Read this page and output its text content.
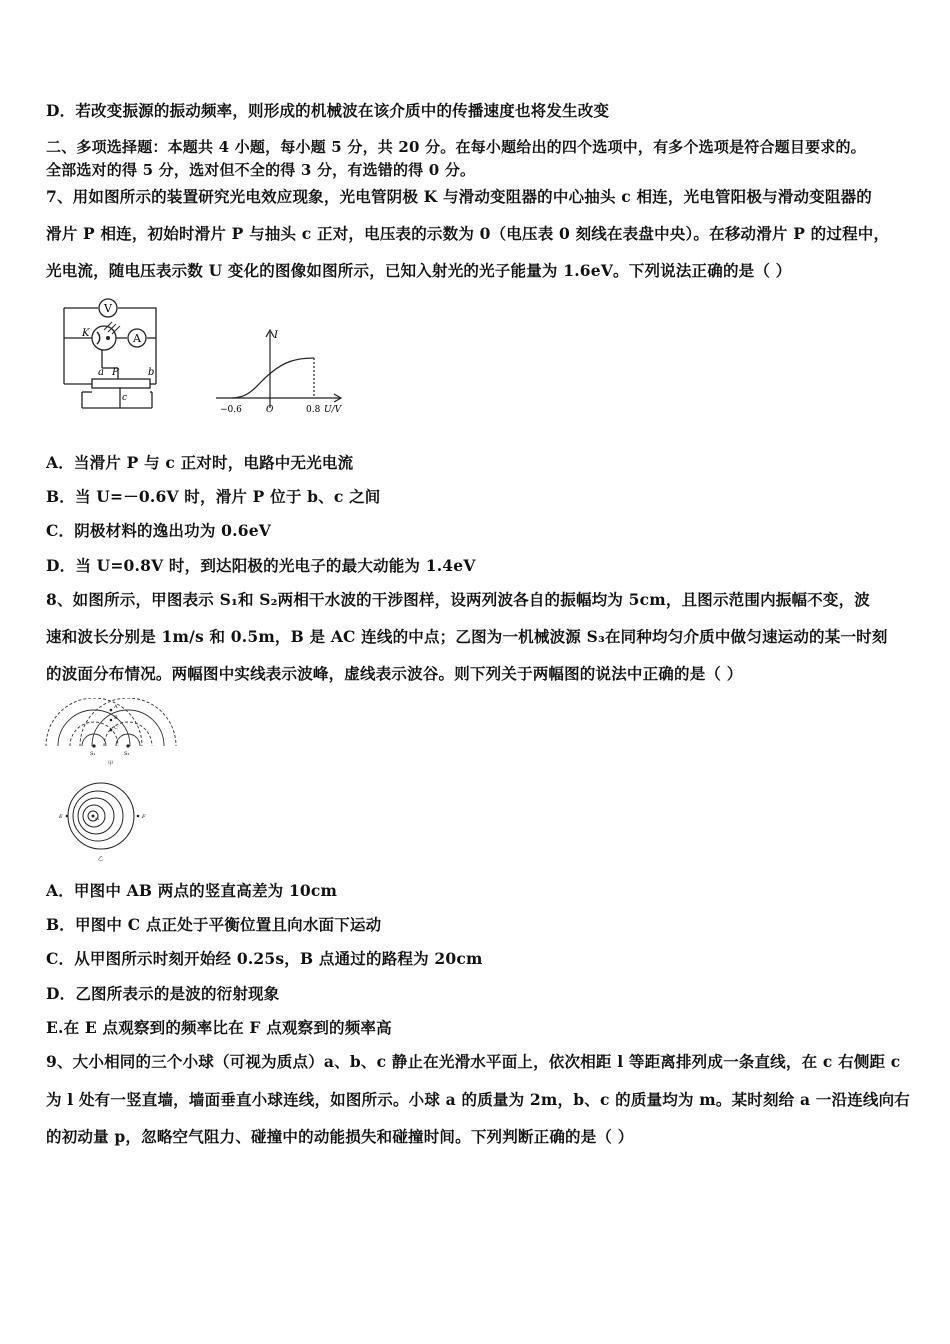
D．若改变振源的振动频率，则形成的机械波在该介质中的传播速度也将发生改变
二、多项选择题：本题共 4 小题，每小题 5 分，共 20 分。在每小题给出的四个选项中，有多个选项是符合题目要求的。
全部选对的得 5 分，选对但不全的得 3 分，有选错的得 0 分。
7、用如图所示的装置研究光电效应现象，光电管阴极 K 与滑动变阻器的中心抽头 c 相连，光电管阳极与滑动变阻器的
滑片 P 相连，初始时滑片 P 与抽头 c 正对，电压表的示数为 0（电压表 0 刻线在表盘中央）。在移动滑片 P 的过程中，
光电流，随电压表示数 U 变化的图像如图所示，已知入射光的光子能量为 1.6eV。下列说法正确的是（ ）
V
K	A
a P	b
c
I
−0.6	O	0.8 U/V
A．当滑片 P 与 c 正对时，电路中无光电流
B．当 U=－0.6V 时，滑片 P 位于 b、c 之间
C．阴极材料的逸出功为 0.6eV
D．当 U=0.8V 时，到达阳极的光电子的最大动能为 1.4eV
8、如图所示，甲图表示 S₁和 S₂两相干水波的干涉图样，设两列波各自的振幅均为 5cm，且图示范围内振幅不变，波
速和波长分别是 1m/s 和 0.5m，B 是 AC 连线的中点；乙图为一机械波源 S₃在同种均匀介质中做匀速运动的某一时刻
的波面分布情况。两幅图中实线表示波峰，虚线表示波谷。则下列关于两幅图的说法中正确的是（ ）
A
B
C
S₁	S₂
甲
E	F
S₃
乙
A．甲图中 AB 两点的竖直高差为 10cm
B．甲图中 C 点正处于平衡位置且向水面下运动
C．从甲图所示时刻开始经 0.25s，B 点通过的路程为 20cm
D．乙图所表示的是波的衍射现象
E.在 E 点观察到的频率比在 F 点观察到的频率高
9、大小相同的三个小球（可视为质点）a、b、c 静止在光滑水平面上，依次相距 l 等距离排列成一条直线，在 c 右侧距 c
为 l 处有一竖直墙，墙面垂直小球连线，如图所示。小球 a 的质量为 2m，b、c 的质量均为 m。某时刻给 a 一沿连线向右
的初动量 p，忽略空气阻力、碰撞中的动能损失和碰撞时间。下列判断正确的是（ ）
